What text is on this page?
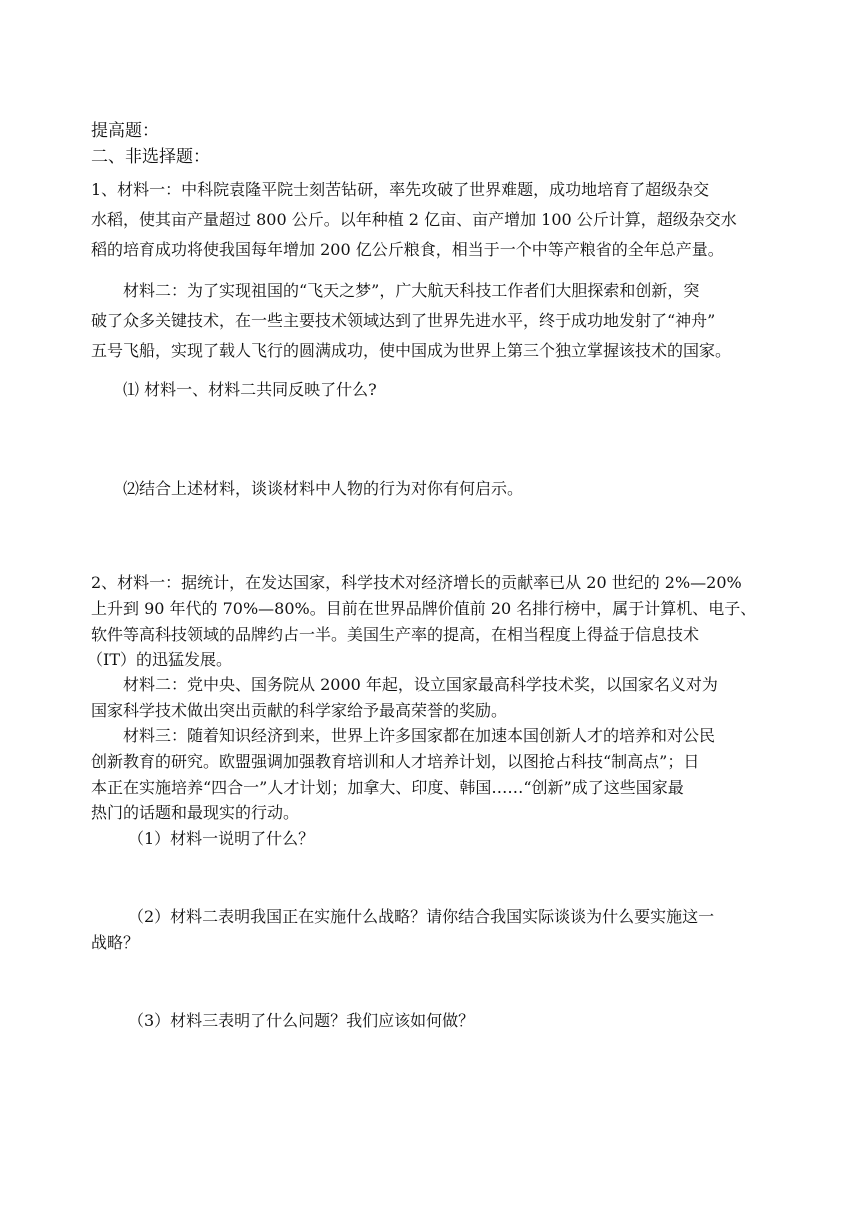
提高题：
二、非选择题：
1、材料一：中科院袁隆平院士刻苦钻研，率先攻破了世界难题，成功地培育了超级杂交
水稻，使其亩产量超过 800 公斤。以年种植 2 亿亩、亩产增加 100 公斤计算，超级杂交水
稻的培育成功将使我国每年增加 200 亿公斤粮食，相当于一个中等产粮省的全年总产量。
材料二：为了实现祖国的“飞天之梦”，广大航天科技工作者们大胆探索和创新，突
破了众多关键技术，在一些主要技术领域达到了世界先进水平，终于成功地发射了“神舟”
五号飞船，实现了载人飞行的圆满成功，使中国成为世界上第三个独立掌握该技术的国家。
⑴ 材料一、材料二共同反映了什么?
⑵结合上述材料，谈谈材料中人物的行为对你有何启示。
2、材料一：据统计，在发达国家，科学技术对经济增长的贡献率已从 20 世纪的 2%—20%
上升到 90 年代的 70%—80%。目前在世界品牌价值前 20 名排行榜中，属于计算机、电子、
软件等高科技领域的品牌约占一半。美国生产率的提高，在相当程度上得益于信息技术
（IT）的迅猛发展。
材料二：党中央、国务院从 2000 年起，设立国家最高科学技术奖，以国家名义对为
国家科学技术做出突出贡献的科学家给予最高荣誉的奖励。
材料三：随着知识经济到来，世界上许多国家都在加速本国创新人才的培养和对公民
创新教育的研究。欧盟强调加强教育培训和人才培养计划，以图抢占科技“制高点”；日
本正在实施培养“四合一”人才计划；加拿大、印度、韩国……“创新”成了这些国家最
热门的话题和最现实的行动。
（1）材料一说明了什么？
（2）材料二表明我国正在实施什么战略？请你结合我国实际谈谈为什么要实施这一
战略？
（3）材料三表明了什么问题？我们应该如何做？
